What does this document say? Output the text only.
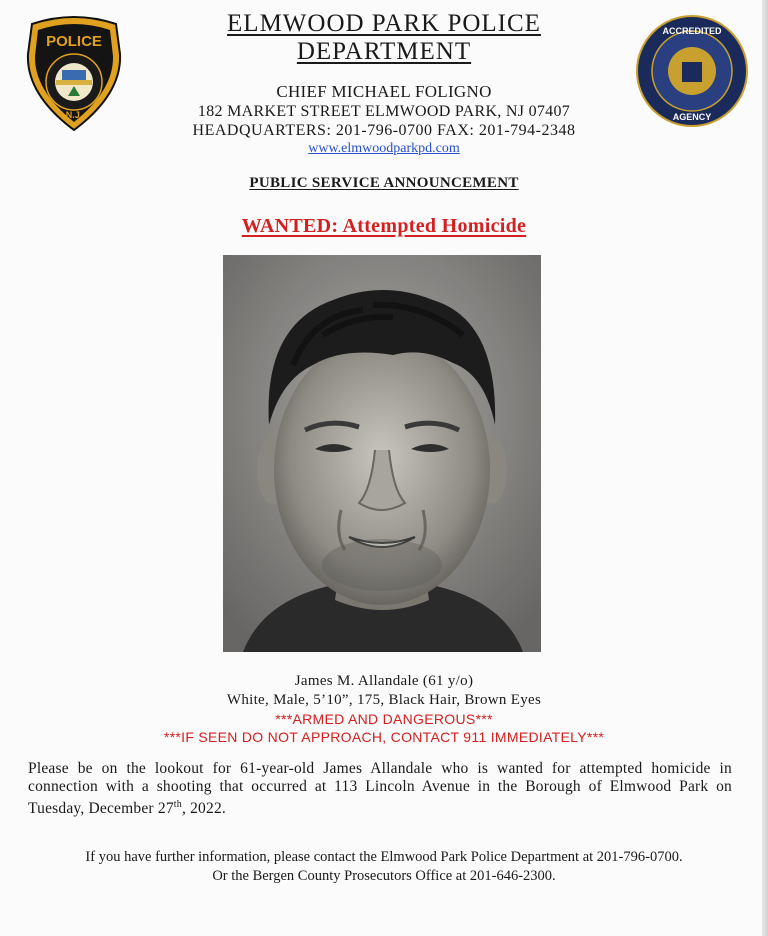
POLICE
N.J.
ACCREDITED
AGENCY
ELMWOOD PARK POLICE
DEPARTMENT
CHIEF MICHAEL FOLIGNO
182 MARKET STREET ELMWOOD PARK, NJ 07407
HEADQUARTERS: 201-796-0700 FAX: 201-794-2348
www.elmwoodparkpd.com
PUBLIC SERVICE ANNOUNCEMENT
WANTED: Attempted Homicide
James M. Allandale (61 y/o)
White, Male, 5’10”, 175, Black Hair, Brown Eyes
***ARMED AND DANGEROUS***
***IF SEEN DO NOT APPROACH, CONTACT 911 IMMEDIATELY***
Please be on the lookout for 61-year-old James Allandale who is wanted for attempted homicide in connection with a shooting that occurred at 113 Lincoln Avenue in the Borough of Elmwood Park on Tuesday, December 27th, 2022.
If you have further information, please contact the Elmwood Park Police Department at 201-796-0700.
Or the Bergen County Prosecutors Office at 201-646-2300.
